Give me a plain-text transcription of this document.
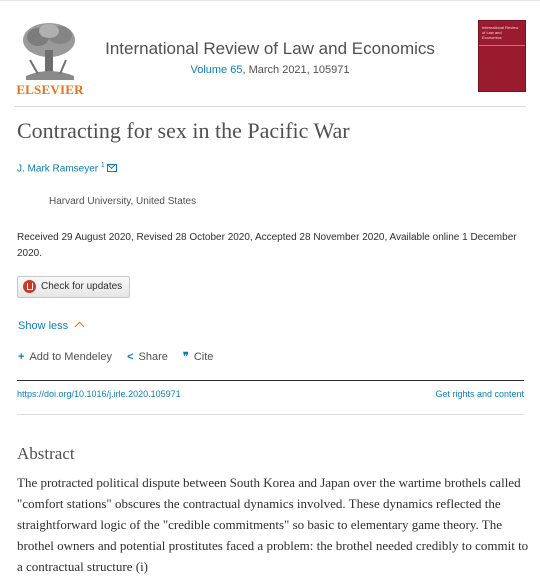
ELSEVIER
International Review of Law and Economics
Volume 65, March 2021, 105971
International Review of Law and Economics
Contracting for sex in the Pacific War
J. Mark Ramseyer $^1$
Harvard University, United States
Received 29 August 2020, Revised 28 October 2020, Accepted 28 November 2020, Available online 1 December 2020.
Check for updates
Show less
+ Add to Mendeley < Share ❞ Cite
https://doi.org/10.1016/j.irle.2020.105971	Get rights and content
Abstract
The protracted political dispute between South Korea and Japan over the wartime brothels called "comfort stations" obscures the contractual dynamics involved. These dynamics reflected the straightforward logic of the "credible commitments" so basic to elementary game theory. The brothel owners and potential prostitutes faced a problem: the brothel needed credibly to commit to a contractual structure (i)
